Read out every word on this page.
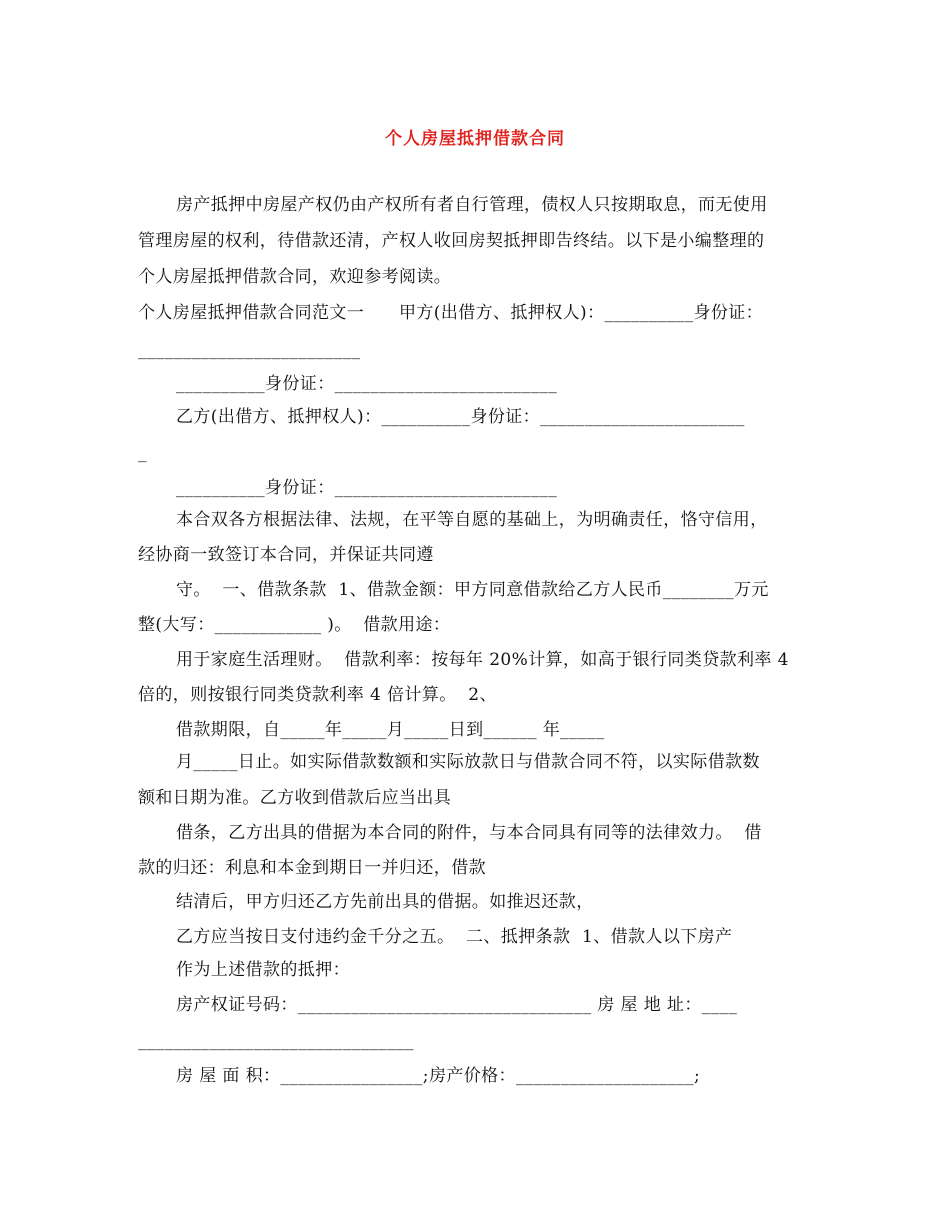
个人房屋抵押借款合同
房产抵押中房屋产权仍由产权所有者自行管理，债权人只按期取息，而无使用
管理房屋的权利，待借款还清，产权人收回房契抵押即告终结。以下是小编整理的
个人房屋抵押借款合同，欢迎参考阅读。
个人房屋抵押借款合同范文一　　甲方(出借方、抵押权人)：__________身份证：
_________________________
__________身份证：_________________________
乙方(出借方、抵押权人)：__________身份证：_______________________
_
__________身份证：_________________________
本合双各方根据法律、法规，在平等自愿的基础上，为明确责任，恪守信用，
经协商一致签订本合同，并保证共同遵
守。  一、借款条款  1、借款金额：甲方同意借款给乙方人民币________万元
整(大写：____________ )。  借款用途：
用于家庭生活理财。  借款利率：按每年 20%计算，如高于银行同类贷款利率 4
倍的，则按银行同类贷款利率 4 倍计算。  2、
借款期限，自_____年_____月_____日到______ 年_____
月_____日止。如实际借款数额和实际放款日与借款合同不符，以实际借款数
额和日期为准。乙方收到借款后应当出具
借条，乙方出具的借据为本合同的附件，与本合同具有同等的法律效力。  借
款的归还：利息和本金到期日一并归还，借款
结清后，甲方归还乙方先前出具的借据。如推迟还款，
乙方应当按日支付违约金千分之五。  二、抵押条款  1、借款人以下房产
作为上述借款的抵押：
房产权证号码：_________________________________ 房 屋 地 址：____
_______________________________
房 屋 面 积：________________;房产价格：____________________;
